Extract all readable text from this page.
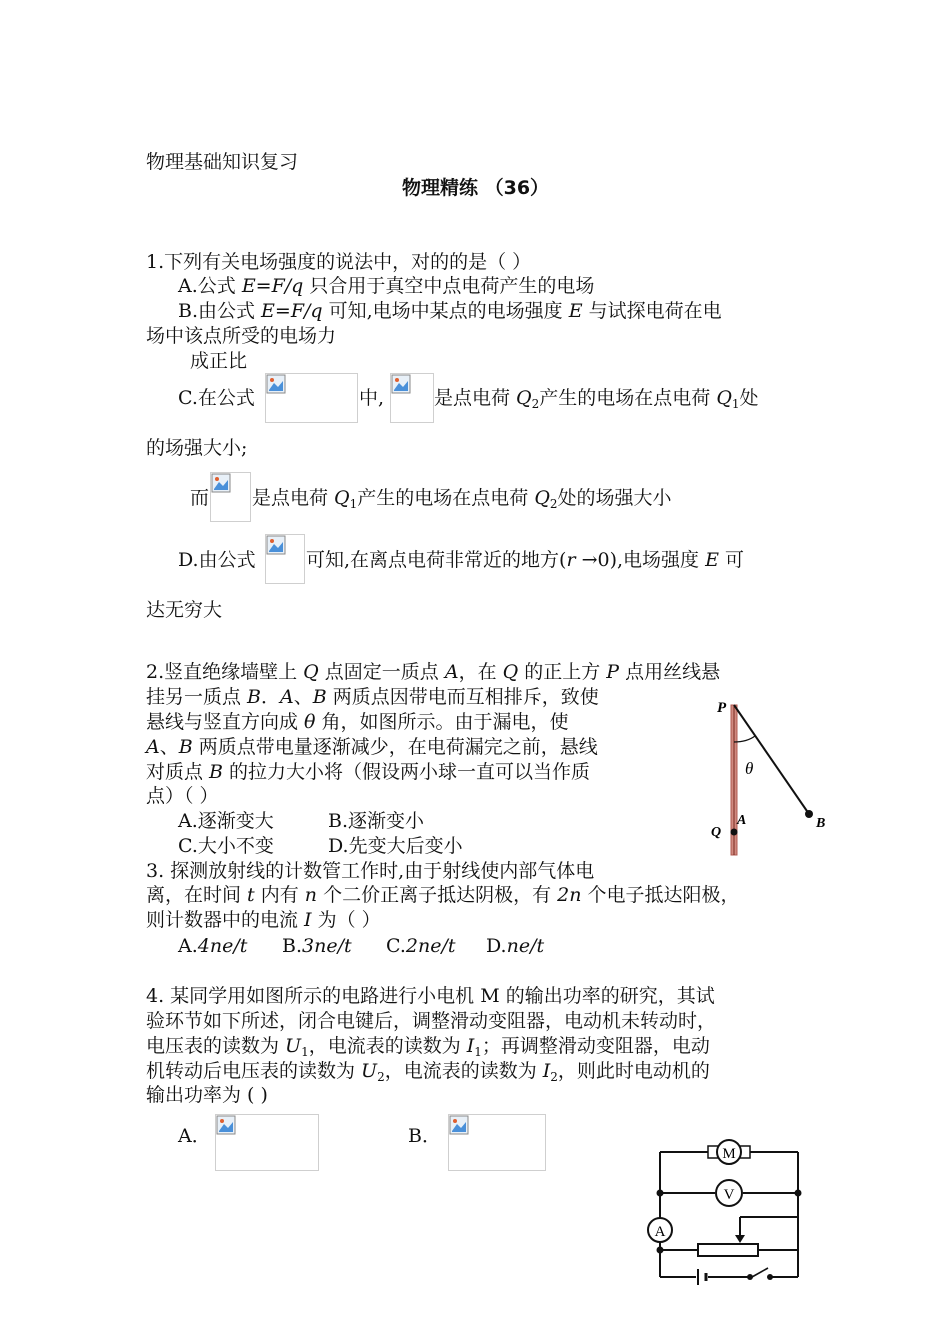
物理基础知识复习
物理精练 （36）
1.下列有关电场强度的说法中，对的的是（ ）
A.公式 E=F/q 只合用于真空中点电荷产生的电场
B.由公式 E=F/q 可知,电场中某点的电场强度 E 与试探电荷在电
场中该点所受的电场力
成正比
C.在公式	中,	是点电荷 $Q_2$产生的电场在点电荷 $Q_1$处
的场强大小;
而 是点电荷 $Q_1$产生的电场在点电荷 $Q_2$处的场强大小
D.由公式	可知,在离点电荷非常近的地方(r →0),电场强度 E 可
达无穷大
2.竖直绝缘墙壁上 Q 点固定一质点 A，在 Q 的正上方 P 点用丝线悬
挂另一质点 B．A、B 两质点因带电而互相排斥，致使
悬线与竖直方向成 θ 角，如图所示。由于漏电，使
A、B 两质点带电量逐渐减少，在电荷漏完之前，悬线
对质点 B 的拉力大小将（假设两小球一直可以当作质
点）（ ）
A.逐渐变大	B.逐渐变小
C.大小不变	D.先变大后变小
P
θ
A
Q
B
3. 探测放射线的计数管工作时,由于射线使内部气体电
离，在时间 t 内有 n 个二价正离子抵达阴极，有 2n 个电子抵达阳极，
则计数器中的电流 I 为（ ）
A.4ne/t B.3ne/t C.2ne/t D.ne/t
4. 某同学用如图所示的电路进行小电机 M 的输出功率的研究，其试
验环节如下所述，闭合电键后，调整滑动变阻器，电动机未转动时，
电压表的读数为 $U_1$，电流表的读数为 $I_1$；再调整滑动变阻器，电动
机转动后电压表的读数为 $U_2$，电流表的读数为 $I_2$，则此时电动机的
输出功率为 ( )
A．	B．
M
V
A
